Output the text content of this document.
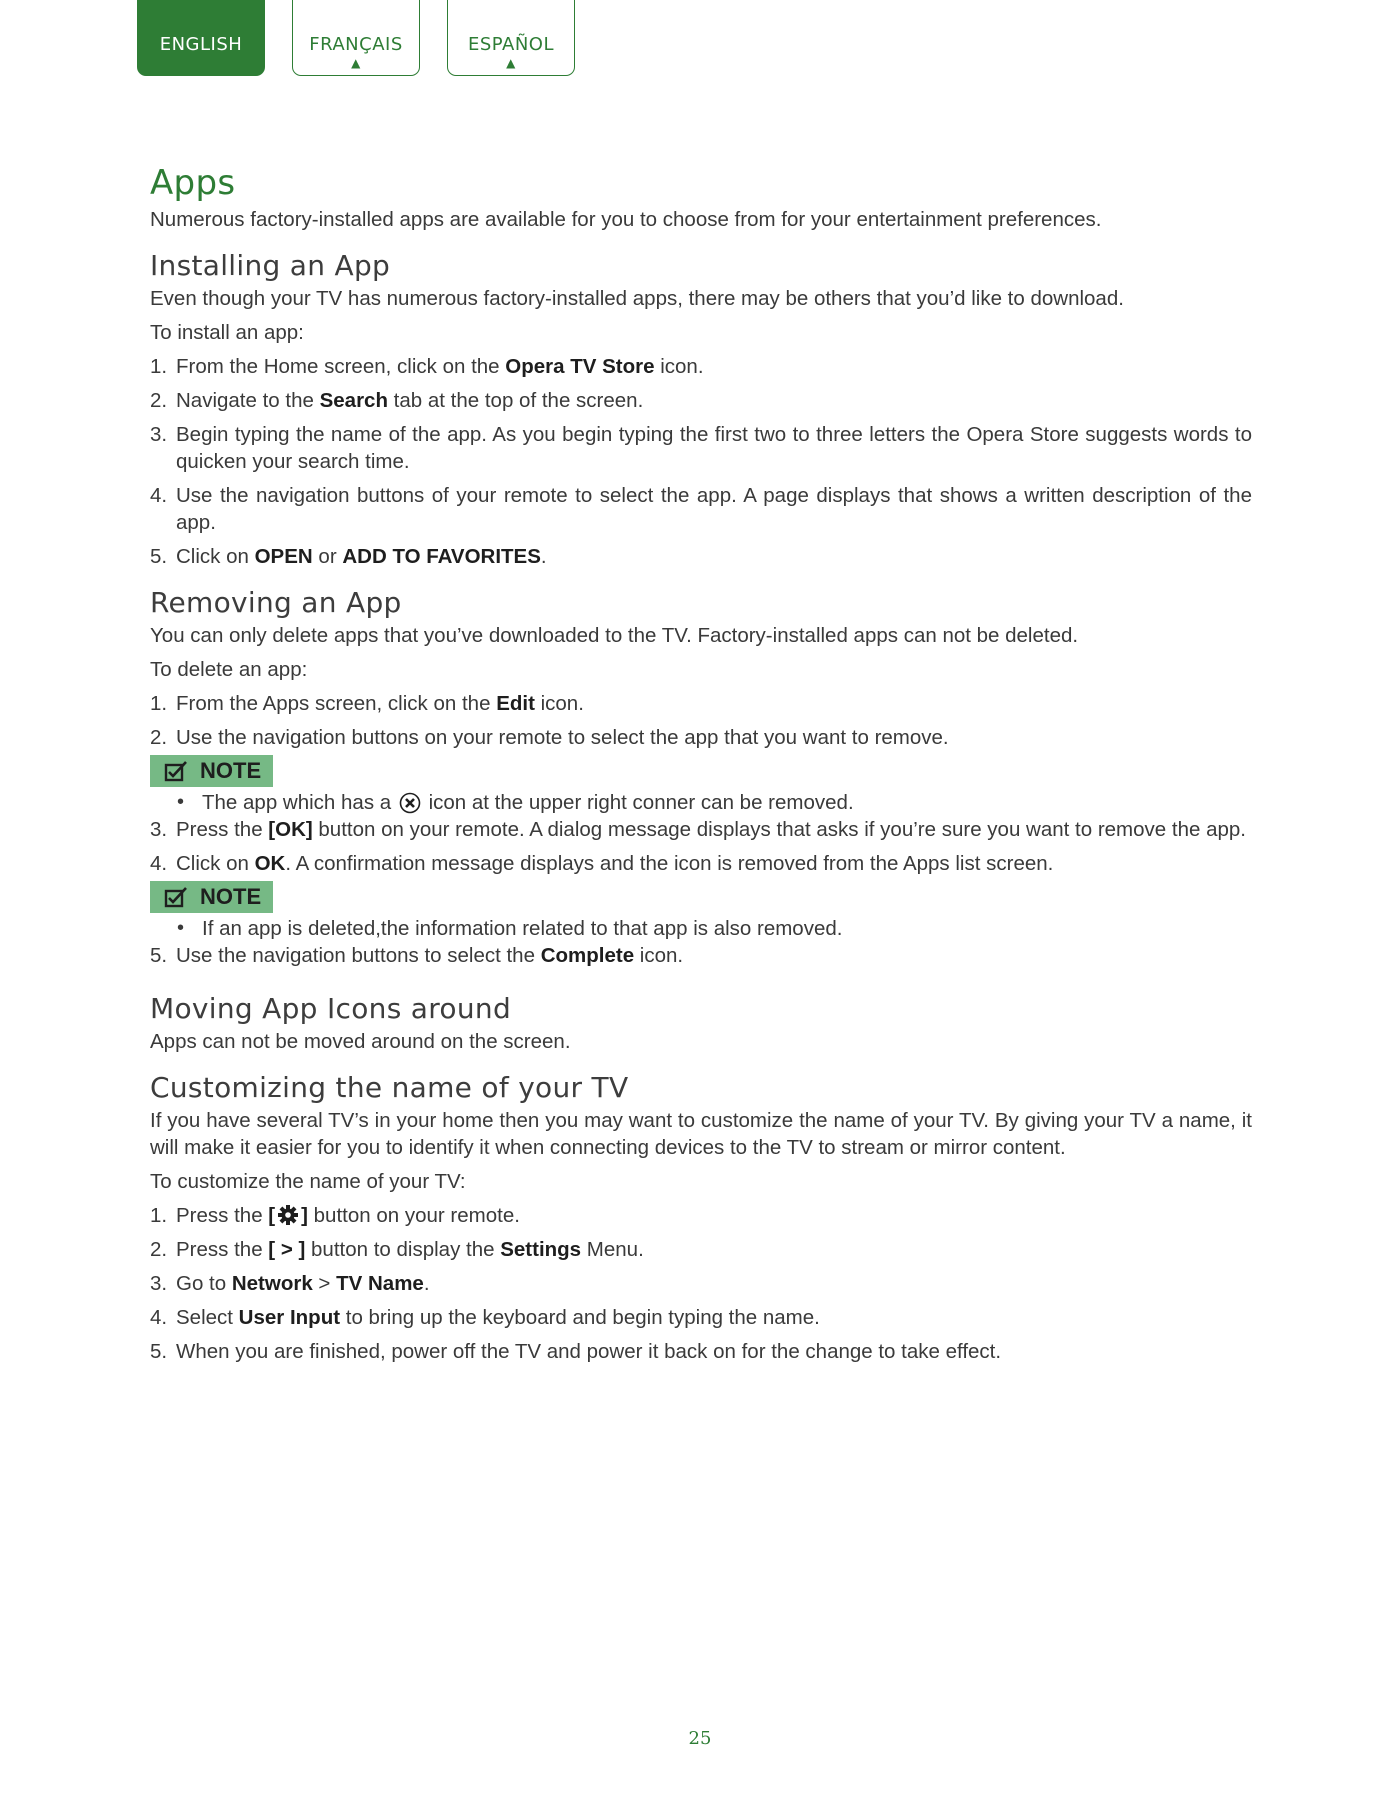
ENGLISH	FRANÇAIS
▲
ESPAÑOL
▲
Apps

Numerous factory-installed apps are available for you to choose from for your entertainment preferences.

Installing an App

Even though your TV has numerous factory-installed apps, there may be others that you’d like to download.

To install an app:

1. From the Home screen, click on the Opera TV Store icon.
2. Navigate to the Search tab at the top of the screen.
3. Begin typing the name of the app. As you begin typing the first two to three letters the Opera Store suggests words to quicken your search time.
4. Use the navigation buttons of your remote to select the app. A page displays that shows a written description of the app.
5. Click on OPEN or ADD TO FAVORITES.
Removing an App

You can only delete apps that you’ve downloaded to the TV. Factory-installed apps can not be deleted.

To delete an app:

1. From the Apps screen, click on the Edit icon.
2. Use the navigation buttons on your remote to select the app that you want to remove.
NOTE
• The app which has a  icon at the upper right conner can be removed.
3. Press the [OK] button on your remote. A dialog message displays that asks if you’re sure you want to remove the app.
4. Click on OK. A confirmation message displays and the icon is removed from the Apps list screen.
NOTE
• If an app is deleted,the information related to that app is also removed.
5. Use the navigation buttons to select the Complete icon.
Moving App Icons around

Apps can not be moved around on the screen.

Customizing the name of your TV

If you have several TV’s in your home then you may want to customize the name of your TV. By giving your TV a name, it will make it easier for you to identify it when connecting devices to the TV to stream or mirror content.

To customize the name of your TV:

1. Press the [ ] button on your remote.
2. Press the [ > ] button to display the Settings Menu.
3. Go to Network > TV Name.
4. Select User Input to bring up the keyboard and begin typing the name.
5. When you are finished, power off the TV and power it back on for the change to take effect.
25
